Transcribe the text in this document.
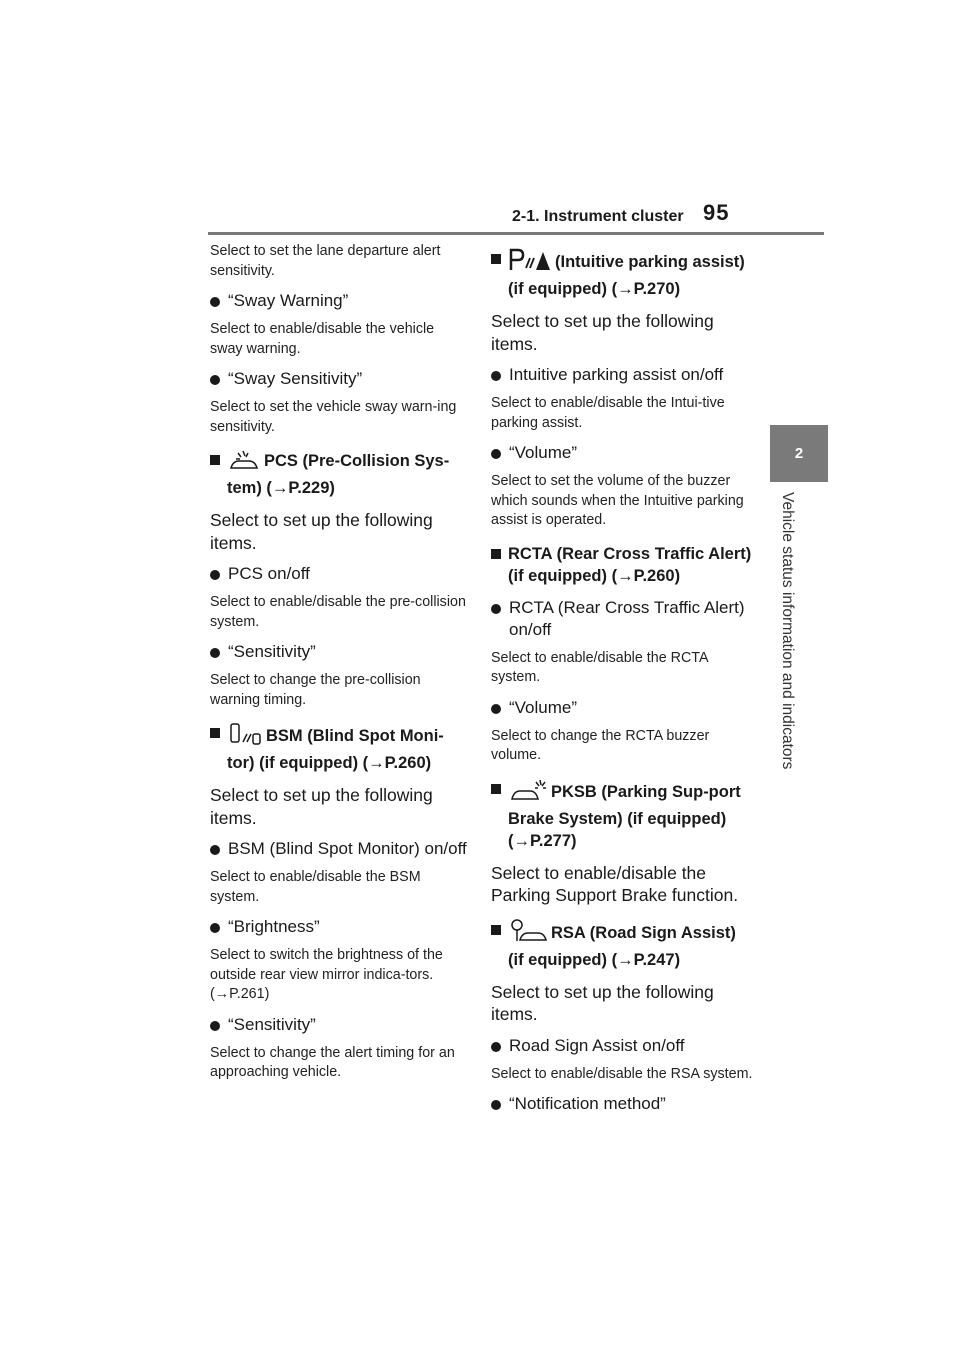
2-1. Instrument cluster 95
2
Vehicle status information and indicators

Select to set the lane departure alert sensitivity.

“Sway Warning”

Select to enable/disable the vehicle sway warning.

“Sway Sensitivity”

Select to set the vehicle sway warn-ing sensitivity.

PCS (Pre-Collision Sys-tem) (→P.229)

Select to set up the following items.

PCS on/off

Select to enable/disable the pre-collision system.

“Sensitivity”

Select to change the pre-collision warning timing.

BSM (Blind Spot Moni-tor) (if equipped) (→P.260)

Select to set up the following items.

BSM (Blind Spot Monitor) on/off

Select to enable/disable the BSM system.

“Brightness”

Select to switch the brightness of the outside rear view mirror indica-tors. (→P.261)

“Sensitivity”

Select to change the alert timing for an approaching vehicle.

(Intuitive parking assist) (if equipped) (→P.270)

Select to set up the following items.

Intuitive parking assist on/off

Select to enable/disable the Intui-tive parking assist.

“Volume”

Select to set the volume of the buzzer which sounds when the Intuitive parking assist is operated.

RCTA (Rear Cross Traffic Alert) (if equipped) (→P.260)
RCTA (Rear Cross Traffic Alert) on/off

Select to enable/disable the RCTA system.

“Volume”

Select to change the RCTA buzzer volume.

PKSB (Parking Sup-port Brake System) (if equipped) (→P.277)

Select to enable/disable the Parking Support Brake function.

RSA (Road Sign Assist) (if equipped) (→P.247)

Select to set up the following items.

Road Sign Assist on/off

Select to enable/disable the RSA system.

“Notification method”
